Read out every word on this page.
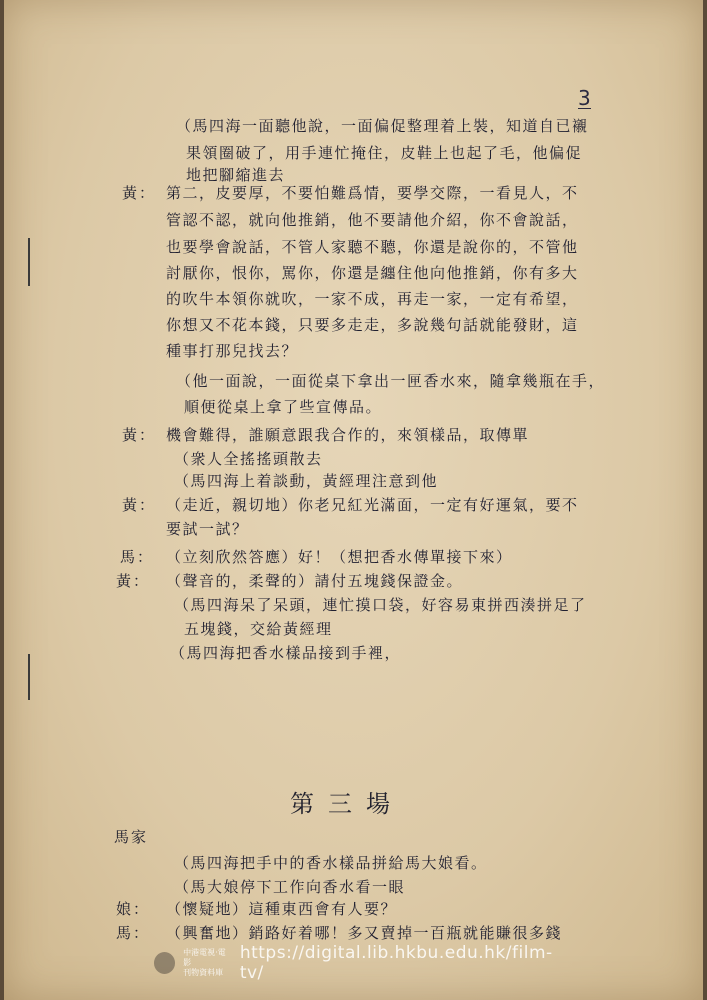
3
（馬四海一面聽他說，一面偏促整理着上裝，知道自已襯
果領圈破了，用手連忙掩住，皮鞋上也起了毛，他偏促
地把腳縮進去
黃： 第二，皮要厚，不要怕難爲情，要學交際，一看見人，不
管認不認，就向他推銷，他不要請他介紹，你不會說話，
也要學會說話，不管人家聽不聽，你還是說你的，不管他
討厭你，恨你，罵你，你還是纏住他向他推銷，你有多大
的吹牛本領你就吹，一家不成，再走一家，一定有希望，
你想又不花本錢，只要多走走，多說幾句話就能發財，這
種事打那兒找去？
（他一面說，一面從桌下拿出一匣香水來，隨拿幾瓶在手，
順便從桌上拿了些宣傳品。
黃： 機會難得，誰願意跟我合作的，來領樣品，取傳單
（衆人全搖搖頭散去
（馬四海上着談動，黃經理注意到他
黃： （走近，親切地）你老兄紅光滿面，一定有好運氣，要不
要試一試？
馬： （立刻欣然答應）好！（想把香水傳單接下來）
黃： （聲音的，柔聲的）請付五塊錢保證金。
（馬四海呆了呆頭，連忙摸口袋，好容易東拼西湊拼足了
五塊錢，交給黃經理
（馬四海把香水樣品接到手裡，
第三場
馬家
（馬四海把手中的香水樣品拼給馬大娘看。
（馬大娘停下工作向香水看一眼
娘： （懷疑地）這種東西會有人要？
馬： （興奮地）銷路好着哪！多又賣掉一百瓶就能賺很多錢
中港電視·電影
刊物資料庫
https://digital.lib.hkbu.edu.hk/film-tv/
